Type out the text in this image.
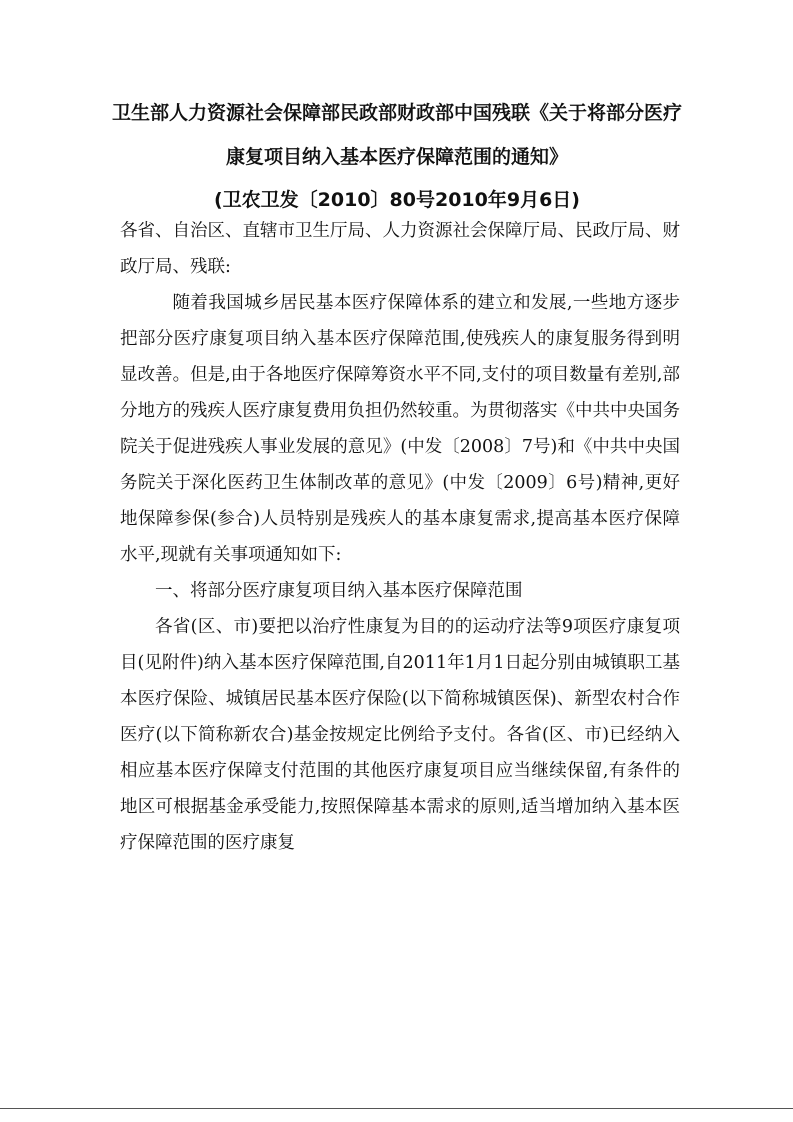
卫生部人力资源社会保障部民政部财政部中国残联《关于将部分医疗
康复项目纳入基本医疗保障范围的通知》
(卫农卫发〔2010〕80号2010年9月6日)

各省、自治区、直辖市卫生厅局、人力资源社会保障厅局、民政厅局、财政厅局、残联:

随着我国城乡居民基本医疗保障体系的建立和发展,一些地方逐步把部分医疗康复项目纳入基本医疗保障范围,使残疾人的康复服务得到明显改善。但是,由于各地医疗保障筹资水平不同,支付的项目数量有差别,部分地方的残疾人医疗康复费用负担仍然较重。为贯彻落实《中共中央国务院关于促进残疾人事业发展的意见》(中发〔2008〕7号)和《中共中央国务院关于深化医药卫生体制改革的意见》(中发〔2009〕6号)精神,更好地保障参保(参合)人员特别是残疾人的基本康复需求,提高基本医疗保障水平,现就有关事项通知如下:

一、将部分医疗康复项目纳入基本医疗保障范围

各省(区、市)要把以治疗性康复为目的的运动疗法等9项医疗康复项目(见附件)纳入基本医疗保障范围,自2011年1月1日起分别由城镇职工基本医疗保险、城镇居民基本医疗保险(以下简称城镇医保)、新型农村合作医疗(以下简称新农合)基金按规定比例给予支付。各省(区、市)已经纳入相应基本医疗保障支付范围的其他医疗康复项目应当继续保留,有条件的地区可根据基金承受能力,按照保障基本需求的原则,适当增加纳入基本医疗保障范围的医疗康复
